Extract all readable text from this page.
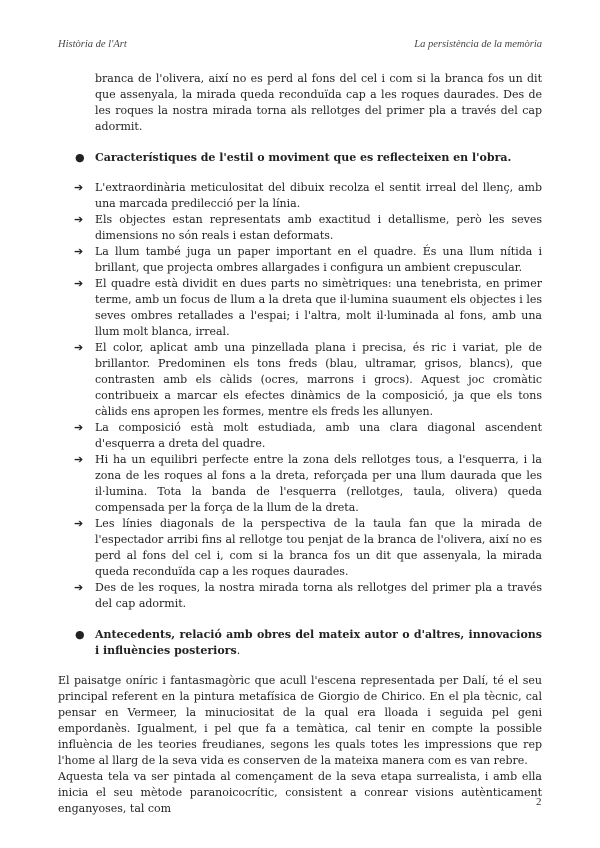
Història de l'Art	La persistència de la memòria

branca de l'olivera, així no es perd al fons del cel i com si la branca fos un dit que assenyala, la mirada queda reconduïda cap a les roques daurades. Des de les roques la nostra mirada torna als rellotges del primer pla a través del cap adormit.

● Característiques de l'estil o moviment que es reflecteixen en l'obra.
➔ L'extraordinària meticulositat del dibuix recolza el sentit irreal del llenç, amb una marcada predilecció per la línia.
➔ Els objectes estan representats amb exactitud i detallisme, però les seves dimensions no són reals i estan deformats.
➔ La llum també juga un paper important en el quadre. És una llum nítida i brillant, que projecta ombres allargades i configura un ambient crepuscular.
➔ El quadre està dividit en dues parts no simètriques: una tenebrista, en primer terme, amb un focus de llum a la dreta que il·lumina suaument els objectes i les seves ombres retallades a l'espai; i l'altra, molt il·luminada al fons, amb una llum molt blanca, irreal.
➔ El color, aplicat amb una pinzellada plana i precisa, és ric i variat, ple de brillantor. Predominen els tons freds (blau, ultramar, grisos, blancs), que contrasten amb els càlids (ocres, marrons i grocs). Aquest joc cromàtic contribueix a marcar els efectes dinàmics de la composició, ja que els tons càlids ens apropen les formes, mentre els freds les allunyen.
➔ La composició està molt estudiada, amb una clara diagonal ascendent d'esquerra a dreta del quadre.
➔ Hi ha un equilibri perfecte entre la zona dels rellotges tous, a l'esquerra, i la zona de les roques al fons a la dreta, reforçada per una llum daurada que les il·lumina. Tota la banda de l'esquerra (rellotges, taula, olivera) queda compensada per la força de la llum de la dreta.
➔ Les línies diagonals de la perspectiva de la taula fan que la mirada de l'espectador arribi fins al rellotge tou penjat de la branca de l'olivera, així no es perd al fons del cel i, com si la branca fos un dit que assenyala, la mirada queda reconduïda cap a les roques daurades.
➔ Des de les roques, la nostra mirada torna als rellotges del primer pla a través del cap adormit.
● Antecedents, relació amb obres del mateix autor o d'altres, innovacions i influències posteriors.

El paisatge oníric i fantasmagòric que acull l'escena representada per Dalí, té el seu principal referent en la pintura metafísica de Giorgio de Chirico. En el pla tècnic, cal pensar en Vermeer, la minuciositat de la qual era lloada i seguida pel geni empordanès. Igualment, i pel que fa a temàtica, cal tenir en compte la possible influència de les teories freudianes, segons les quals totes les impressions que rep l'home al llarg de la seva vida es conserven de la mateixa manera com es van rebre.

Aquesta tela va ser pintada al començament de la seva etapa surrealista, i amb ella inicia el seu mètode paranoicocrític, consistent a conrear visions autènticament enganyoses, tal com	2
